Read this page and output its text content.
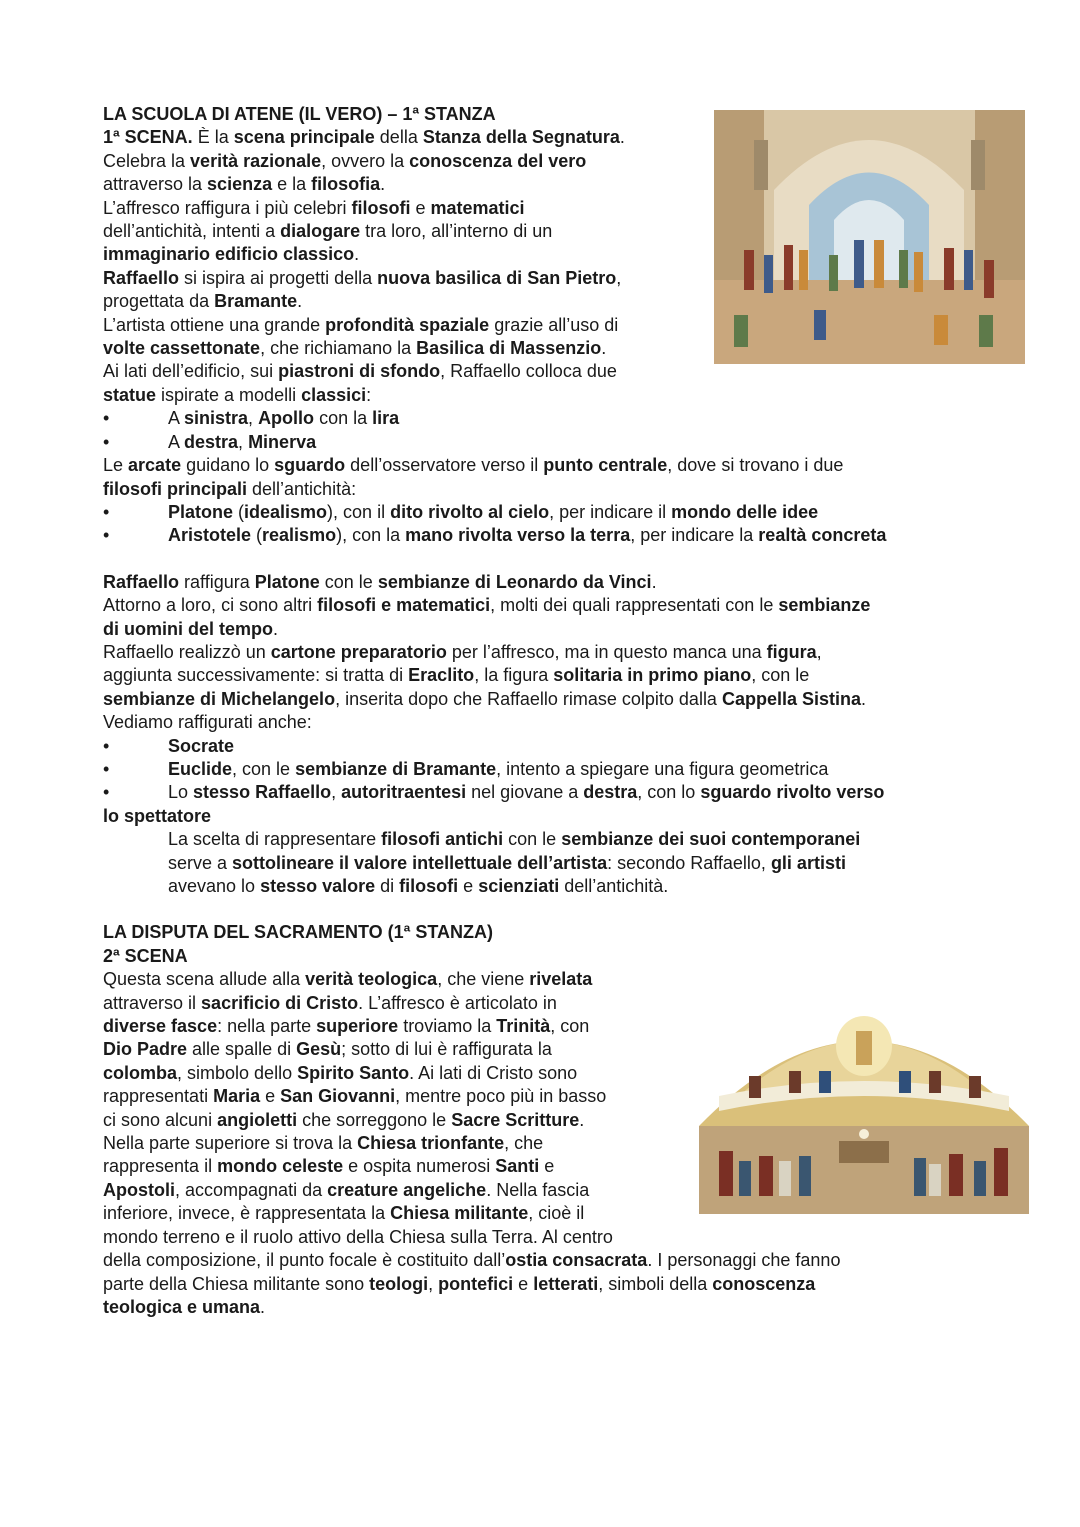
LA SCUOLA DI ATENE (IL VERO) – 1ª STANZA
1ª SCENA. È la scena principale della Stanza della Segnatura.
Celebra la verità razionale, ovvero la conoscenza del vero
attraverso la scienza e la filosofia.
L’affresco raffigura i più celebri filosofi e matematici
dell’antichità, intenti a dialogare tra loro, all’interno di un
immaginario edificio classico.
Raffaello si ispira ai progetti della nuova basilica di San Pietro,
progettata da Bramante.
L’artista ottiene una grande profondità spaziale grazie all’uso di
volte cassettonate, che richiamano la Basilica di Massenzio.
Ai lati dell’edificio, sui piastroni di sfondo, Raffaello colloca due
statue ispirate a modelli classici:
•	A sinistra, Apollo con la lira
•	A destra, Minerva
Le arcate guidano lo sguardo dell’osservatore verso il punto centrale, dove si trovano i due
filosofi principali dell’antichità:
•	Platone (idealismo), con il dito rivolto al cielo, per indicare il mondo delle idee
•	Aristotele (realismo), con la mano rivolta verso la terra, per indicare la realtà concreta
Raffaello raffigura Platone con le sembianze di Leonardo da Vinci.
Attorno a loro, ci sono altri filosofi e matematici, molti dei quali rappresentati con le sembianze
di uomini del tempo.
Raffaello realizzò un cartone preparatorio per l’affresco, ma in questo manca una figura,
aggiunta successivamente: si tratta di Eraclito, la figura solitaria in primo piano, con le
sembianze di Michelangelo, inserita dopo che Raffaello rimase colpito dalla Cappella Sistina.
Vediamo raffigurati anche:
•	Socrate
•	Euclide, con le sembianze di Bramante, intento a spiegare una figura geometrica
•	Lo stesso Raffaello, autoritraentesi nel giovane a destra, con lo sguardo rivolto verso
lo spettatore
La scelta di rappresentare filosofi antichi con le sembianze dei suoi contemporanei
serve a sottolineare il valore intellettuale dell’artista: secondo Raffaello, gli artisti
avevano lo stesso valore di filosofi e scienziati dell’antichità.
LA DISPUTA DEL SACRAMENTO (1ª STANZA)
2ª SCENA
Questa scena allude alla verità teologica, che viene rivelata
attraverso il sacrificio di Cristo. L’affresco è articolato in
diverse fasce: nella parte superiore troviamo la Trinità, con
Dio Padre alle spalle di Gesù; sotto di lui è raffigurata la
colomba, simbolo dello Spirito Santo. Ai lati di Cristo sono
rappresentati Maria e San Giovanni, mentre poco più in basso
ci sono alcuni angioletti che sorreggono le Sacre Scritture.
Nella parte superiore si trova la Chiesa trionfante, che
rappresenta il mondo celeste e ospita numerosi Santi e
Apostoli, accompagnati da creature angeliche. Nella fascia
inferiore, invece, è rappresentata la Chiesa militante, cioè il
mondo terreno e il ruolo attivo della Chiesa sulla Terra. Al centro
della composizione, il punto focale è costituito dall’ostia consacrata. I personaggi che fanno
parte della Chiesa militante sono teologi, pontefici e letterati, simboli della conoscenza
teologica e umana.
